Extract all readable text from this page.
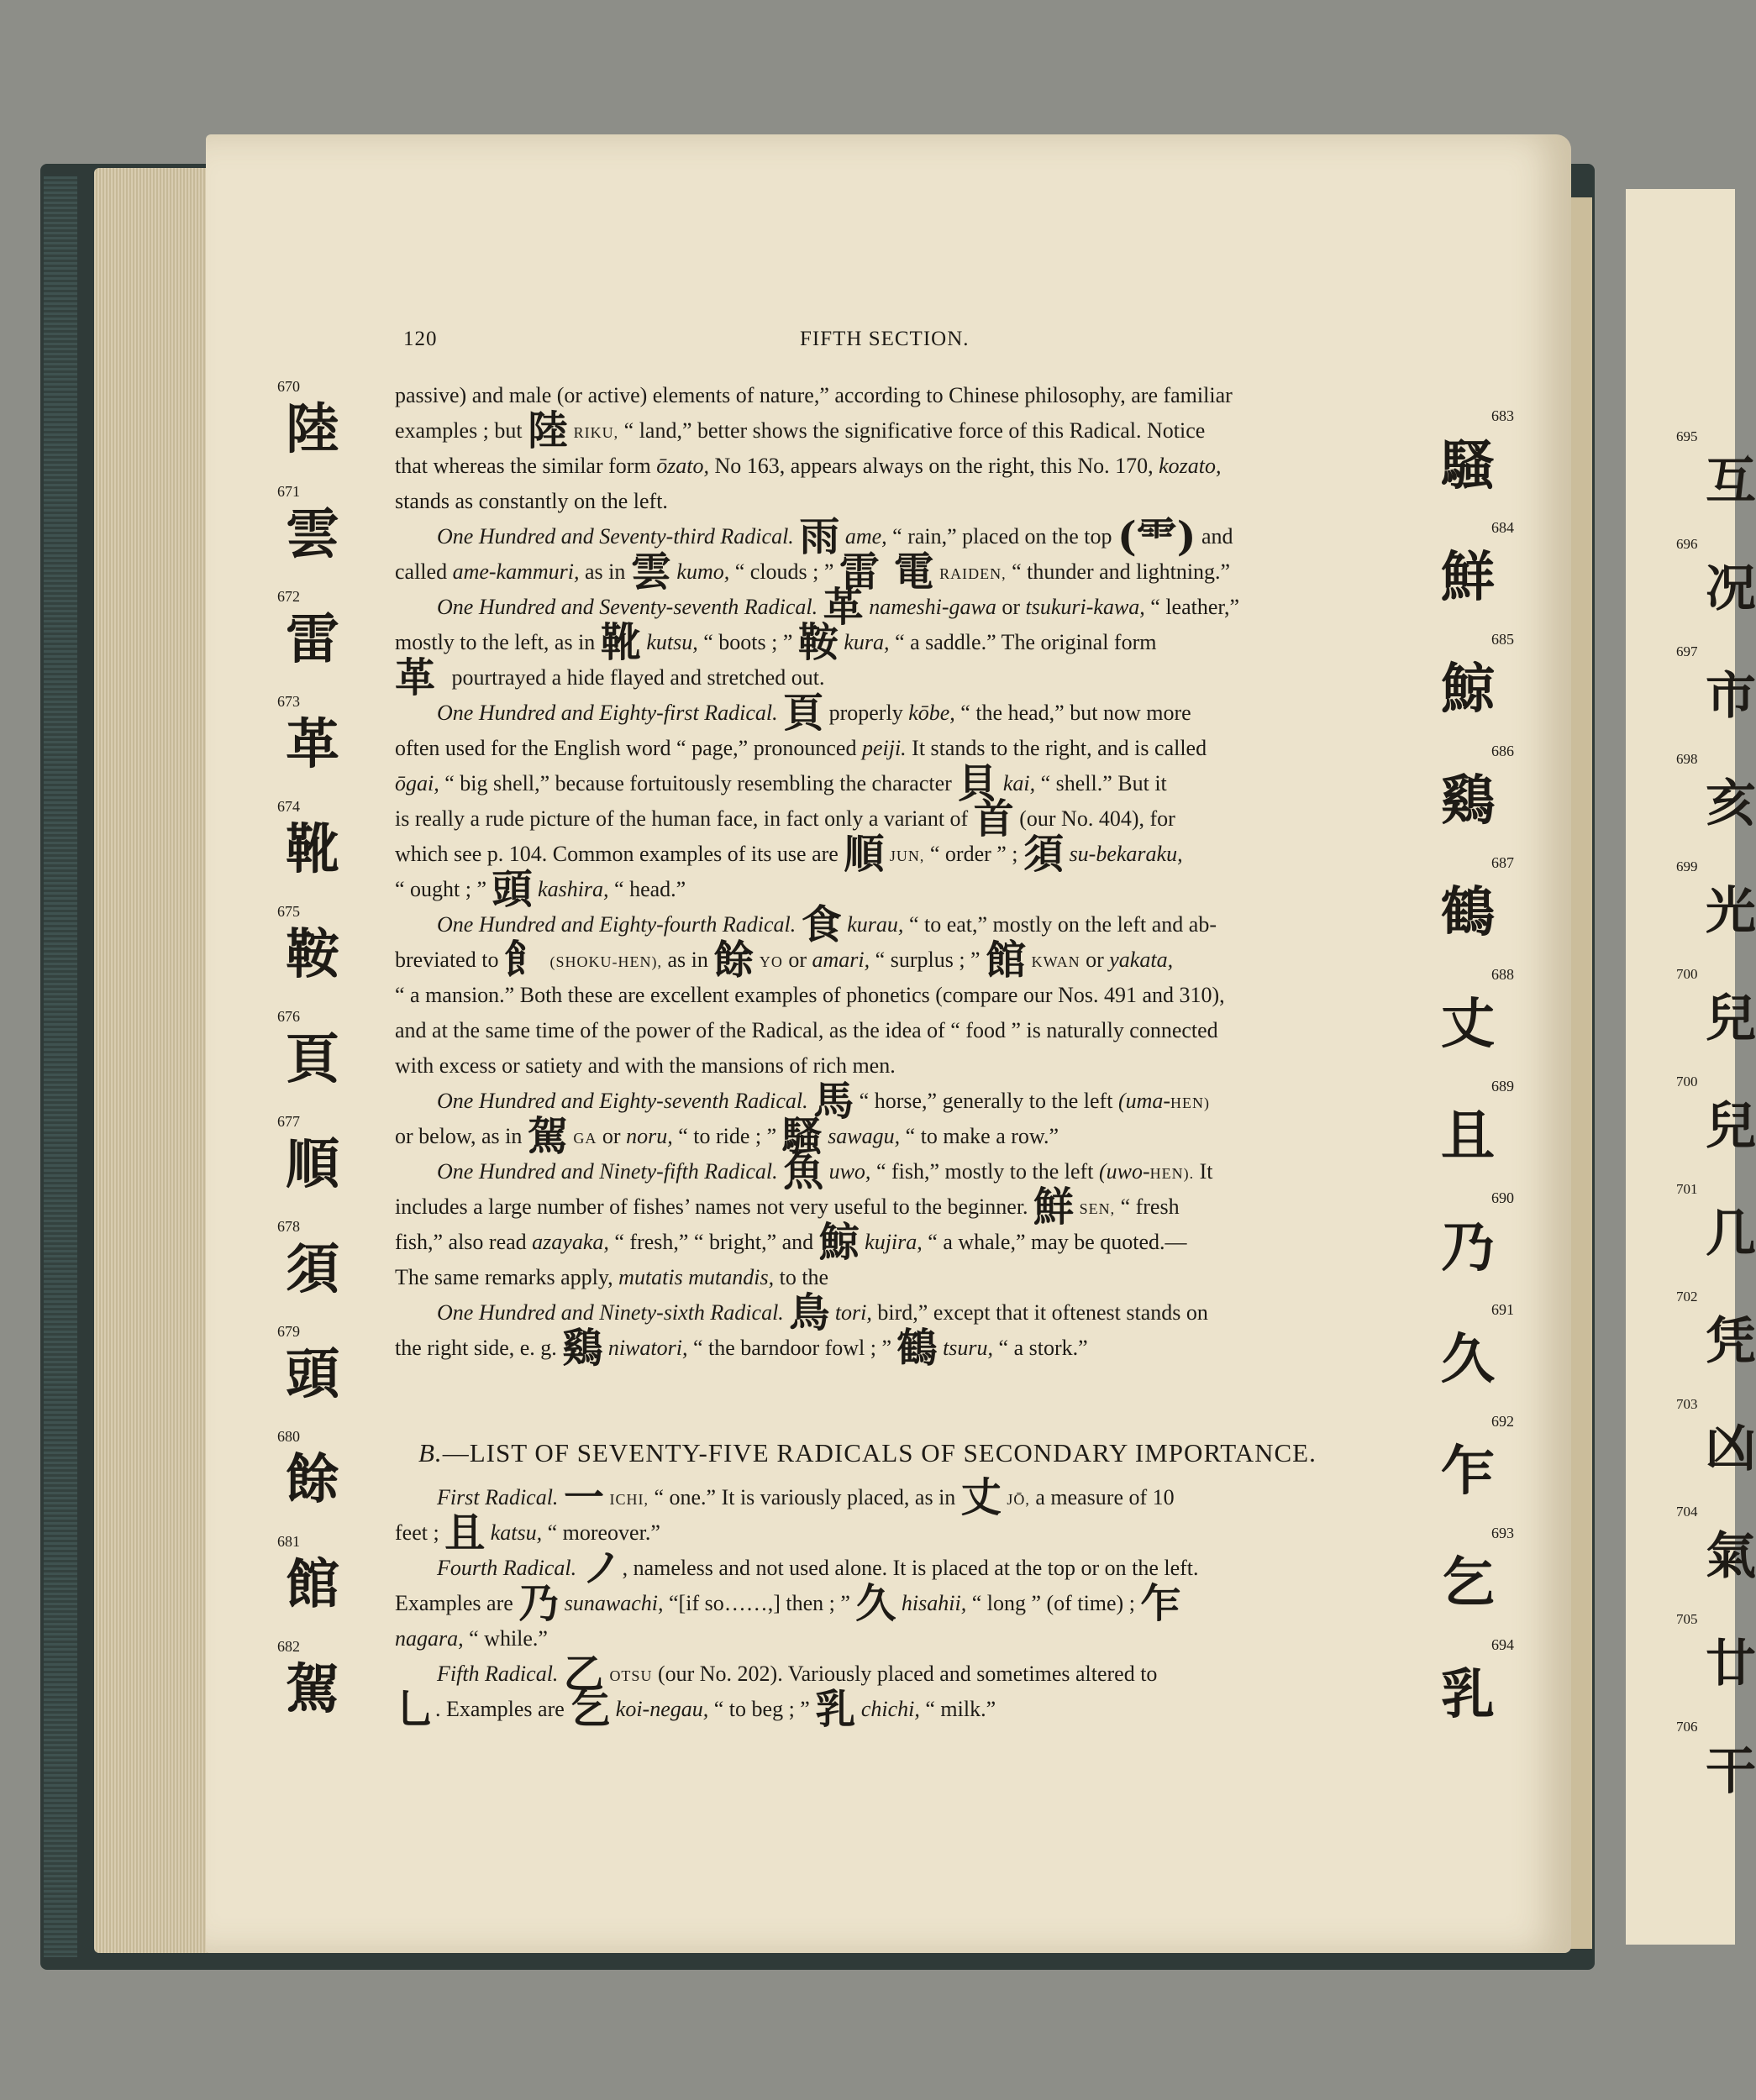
695
互
696
况
697
市
698
亥
699
光
700
兒
700
兒
701
几
702
凭
703
凶
704
氣
705
廿
706
干
120	FIFTH SECTION.
670
陸
671
雲
672
雷
673
革
674
靴
675
鞍
676
頁
677
順
678
須
679
頭
680
餘
681
館
682
駕
683
騷
684
鮮
685
鯨
686
鷄
687
鶴
688
丈
689
且
690
乃
691
久
692
乍
693
乞
694
乳
passive) and male (or active) elements of nature,” according to Chinese philosophy, are familiar
examples ; but 陸 RIKU, “ land,” better shows the significative force of this Radical. Notice
that whereas the similar form ōzato, No 163, appears always on the right, this No. 170, kozato,
stands as constantly on the left.
One Hundred and Seventy-third Radical. 雨 ame, “ rain,” placed on the top (⻗) and
called ame-kammuri, as in 雲 kumo, “ clouds ; ” 雷 電 RAIDEN, “ thunder and lightning.”
One Hundred and Seventy-seventh Radical. 革 nameshi-gawa or tsukuri-kawa, “ leather,”
mostly to the left, as in 靴 kutsu, “ boots ; ” 鞍 kura, “ a saddle.” The original form
革 pourtrayed a hide flayed and stretched out.
One Hundred and Eighty-first Radical. 頁 properly kōbe, “ the head,” but now more
often used for the English word “ page,” pronounced peiji. It stands to the right, and is called
ōgai, “ big shell,” because fortuitously resembling the character 貝 kai, “ shell.” But it
is really a rude picture of the human face, in fact only a variant of 首 (our No. 404), for
which see p. 104. Common examples of its use are 順 JUN, “ order ” ; 須 su-bekaraku,
“ ought ; ” 頭 kashira, “ head.”
One Hundred and Eighty-fourth Radical. 食 kurau, “ to eat,” mostly on the left and ab-
breviated to 飠 (SHOKU-HEN), as in 餘 YO or amari, “ surplus ; ” 館 KWAN or yakata,
“ a mansion.” Both these are excellent examples of phonetics (compare our Nos. 491 and 310),
and at the same time of the power of the Radical, as the idea of “ food ” is naturally connected
with excess or satiety and with the mansions of rich men.
One Hundred and Eighty-seventh Radical. 馬 “ horse,” generally to the left (uma-HEN)
or below, as in 駕 GA or noru, “ to ride ; ” 騷 sawagu, “ to make a row.”
One Hundred and Ninety-fifth Radical. 魚 uwo, “ fish,” mostly to the left (uwo-HEN). It
includes a large number of fishes’ names not very useful to the beginner. 鮮 SEN, “ fresh
fish,” also read azayaka, “ fresh,” “ bright,” and 鯨 kujira, “ a whale,” may be quoted.—
The same remarks apply, mutatis mutandis, to the
One Hundred and Ninety-sixth Radical. 鳥 tori, bird,” except that it oftenest stands on
the right side, e. g. 鷄 niwatori, “ the barndoor fowl ; ” 鶴 tsuru, “ a stork.”
First Radical. 一 ICHI, “ one.” It is variously placed, as in 丈 JŌ, a measure of 10
feet ; 且 katsu, “ moreover.”
Fourth Radical. ノ, nameless and not used alone. It is placed at the top or on the left.
Examples are 乃 sunawachi, “[if so……,] then ; ” 久 hisahii, “ long ” (of time) ; 乍
nagara, “ while.”
Fifth Radical. 乙 OTSU (our No. 202). Variously placed and sometimes altered to
乚. Examples are 乞 koi-negau, “ to beg ; ” 乳 chichi, “ milk.”
B.—LIST OF SEVENTY-FIVE RADICALS OF SECONDARY IMPORTANCE.
